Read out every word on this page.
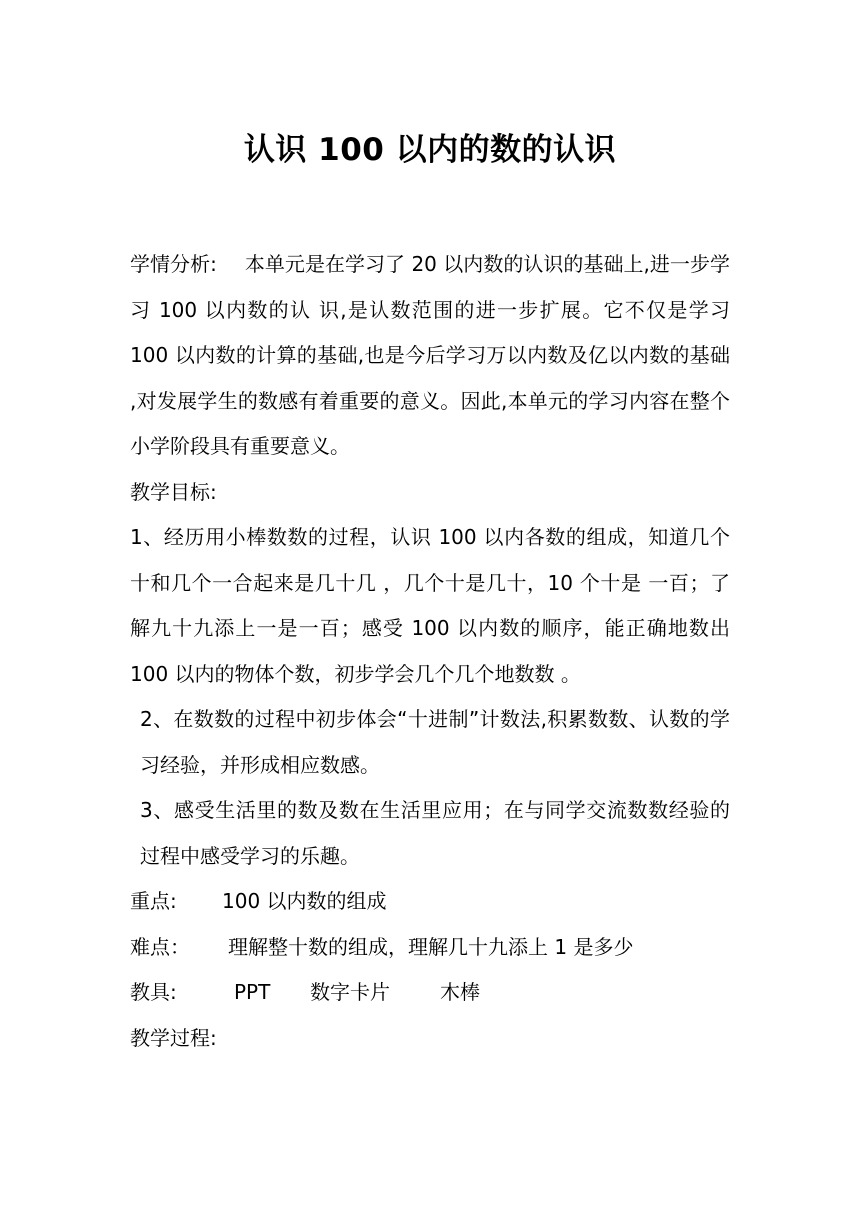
认识 100 以内的数的认识

学情分析: 本单元是在学习了 20 以内数的认识的基础上,进一步学习 100 以内数的认 识,是认数范围的进一步扩展。它不仅是学习 100 以内数的计算的基础,也是今后学习万以内数及亿以内数的基础 ,对发展学生的数感有着重要的意义。因此,本单元的学习内容在整个小学阶段具有重要意义。

教学目标:

1、经历用小棒数数的过程，认识 100 以内各数的组成，知道几个十和几个一合起来是几十几 ，几个十是几十，10 个十是 一百；了解九十九添上一是一百；感受 100 以内数的顺序，能正确地数出 100 以内的物体个数，初步学会几个几个地数数 。

2、在数数的过程中初步体会“十进制”计数法,积累数数、认数的学习经验，并形成相应数感。

3、感受生活里的数及数在生活里应用；在与同学交流数数经验的过程中感受学习的乐趣。

重点:	100 以内数的组成

难点：	理解整十数的组成，理解几十九添上 1 是多少

教具:	PPT	数字卡片	木棒

教学过程:
